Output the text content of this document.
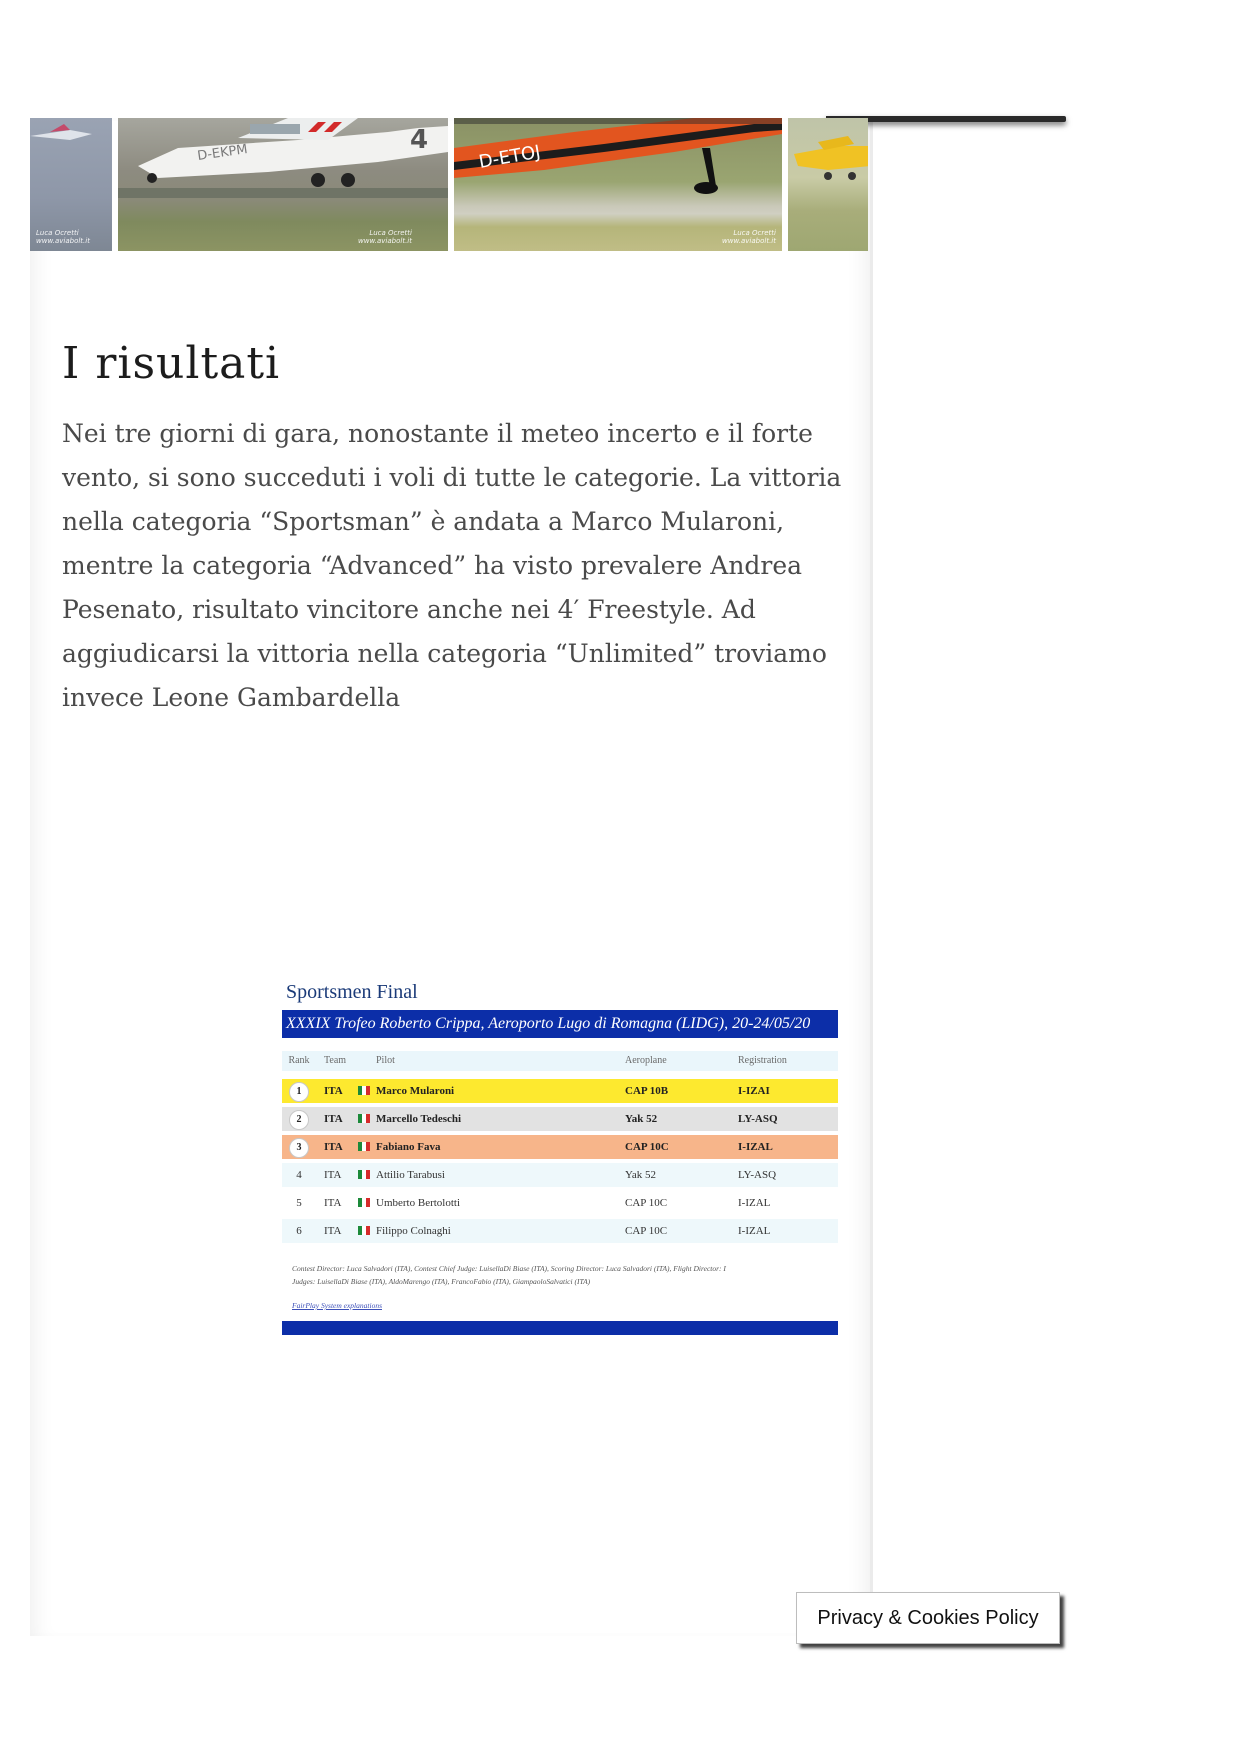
Luca Ocretti
www.aviabolt.it
D-EKPM	4
Luca Ocretti
www.aviabolt.it
D-ETOJ
Luca Ocretti
www.aviabolt.it
I risultati

Nei tre giorni di gara, nonostante il meteo incerto e il forte vento, si sono succeduti i voli di tutte le categorie. La vittoria nella categoria “Sportsman” è andata a Marco Mularoni, mentre la categoria “Advanced” ha visto prevalere Andrea Pesenato, risultato vincitore anche nei 4′ Freestyle. Ad aggiudicarsi la vittoria nella categoria “Unlimited” troviamo invece Leone Gambardella

Sportsmen Final
XXXIX Trofeo Roberto Crippa, Aeroporto Lugo di Romagna (LIDG), 20-24/05/20
Rank	Team	Pilot	Aeroplane	Registration
1	ITA	Marco Mularoni	CAP 10B	I-IZAI
2	ITA	Marcello Tedeschi	Yak 52	LY-ASQ
3	ITA	Fabiano Fava	CAP 10C	I-IZAL
4	ITA	Attilio Tarabusi	Yak 52	LY-ASQ
5	ITA	Umberto Bertolotti	CAP 10C	I-IZAL
6	ITA	Filippo Colnaghi	CAP 10C	I-IZAL
Contest Director: Luca Salvadori (ITA), Contest Chief Judge: LuisellaDi Biase (ITA), Scoring Director: Luca Salvadori (ITA), Flight Director: I
Judges: LuisellaDi Biase (ITA), AldoMarengo (ITA), FrancoFabio (ITA), GiampaoloSalvatici (ITA)
FairPlay System explanations
Privacy & Cookies Policy
